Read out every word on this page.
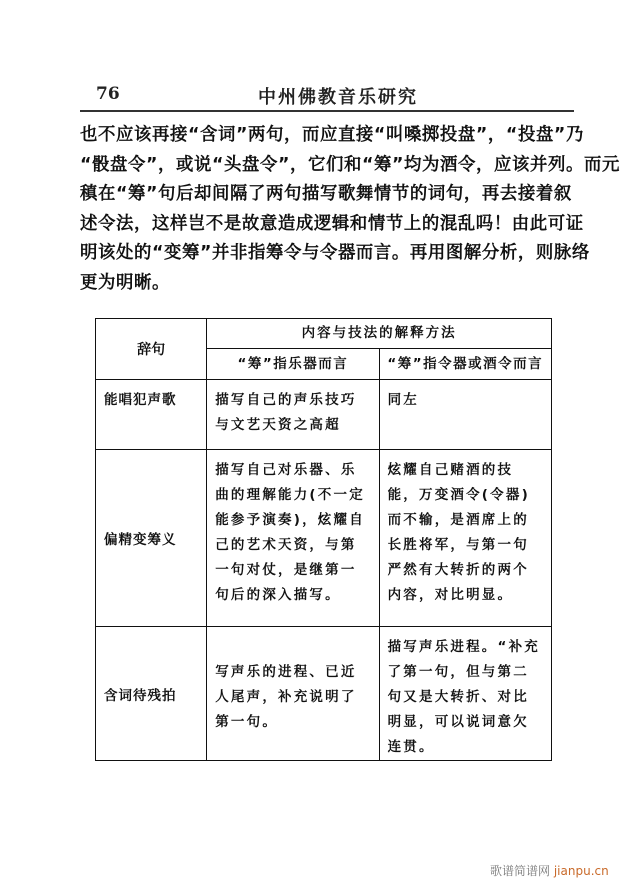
76	中州佛教音乐研究

也不应该再接“含词”两句，而应直接“叫嗓掷投盘”，“投盘”乃

“骰盘令”，或说“头盘令”，它们和“筹”均为酒令，应该并列。而元

稹在“筹”句后却间隔了两句描写歌舞情节的词句，再去接着叙

述令法，这样岂不是故意造成逻辑和情节上的混乱吗！由此可证

明该处的“变筹”并非指筹令与令器而言。再用图解分析，则脉络

更为明晰。

辞句	内容与技法的解释方法	
	“筹”指乐器而言	“筹”指令器或酒令而言
能唱犯声歌	描写自己的声乐技巧与文艺天资之高超	同左
偏精变筹义	描写自己对乐器、乐曲的理解能力(不一定能参予演奏)，炫耀自己的艺术天资，与第一句对仗，是继第一句后的深入描写。	炫耀自己赌酒的技能，万变酒令(令器)而不输，是酒席上的长胜将军，与第一句严然有大转折的两个内容，对比明显。
含词待残拍	写声乐的进程、已近人尾声，补充说明了第一句。	描写声乐进程。“补充了第一句，但与第二句又是大转折、对比明显，可以说词意欠连贯。
歌谱简谱网 jianpu.cn
